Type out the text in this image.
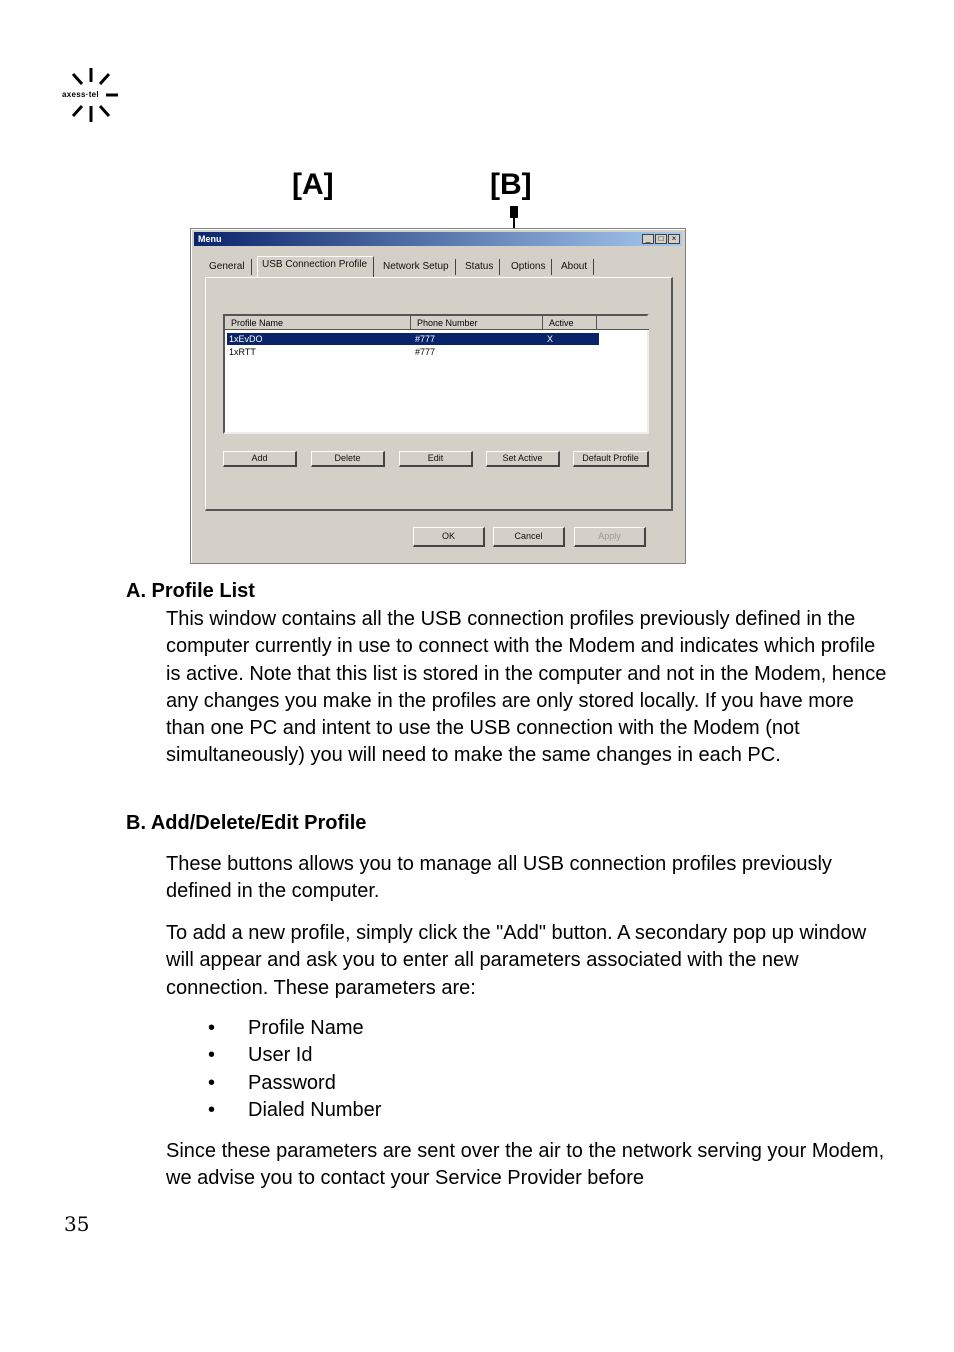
axess·tel
[A]	[B]
Menu	_	□	×
General	USB Connection Profile	Network Setup	Status	Options	About
Profile Name	Phone Number	Active
1xEvDO	#777	X
1xRTT	#777
Add	Delete	Edit	Set Active	Default Profile
OK	Cancel	Apply
A. Profile List
This window contains all the USB connection profiles previously defined in the computer currently in use to connect with the Modem and indicates which profile is active. Note that this list is stored in the computer and not in the Modem, hence any changes you make in the profiles are only stored locally. If you have more than one PC and intent to use the USB connection with the Modem (not simultaneously) you will need to make the same changes in each PC.
B. Add/Delete/Edit Profile
These buttons allows you to manage all USB connection profiles previously defined in the computer.
To add a new profile, simply click the "Add" button. A secondary pop up window will appear and ask you to enter all parameters associated with the new connection. These parameters are:
• Profile Name
• User Id
• Password
• Dialed Number
Since these parameters are sent over the air to the network serving your Modem, we advise you to contact your Service Provider before
35
